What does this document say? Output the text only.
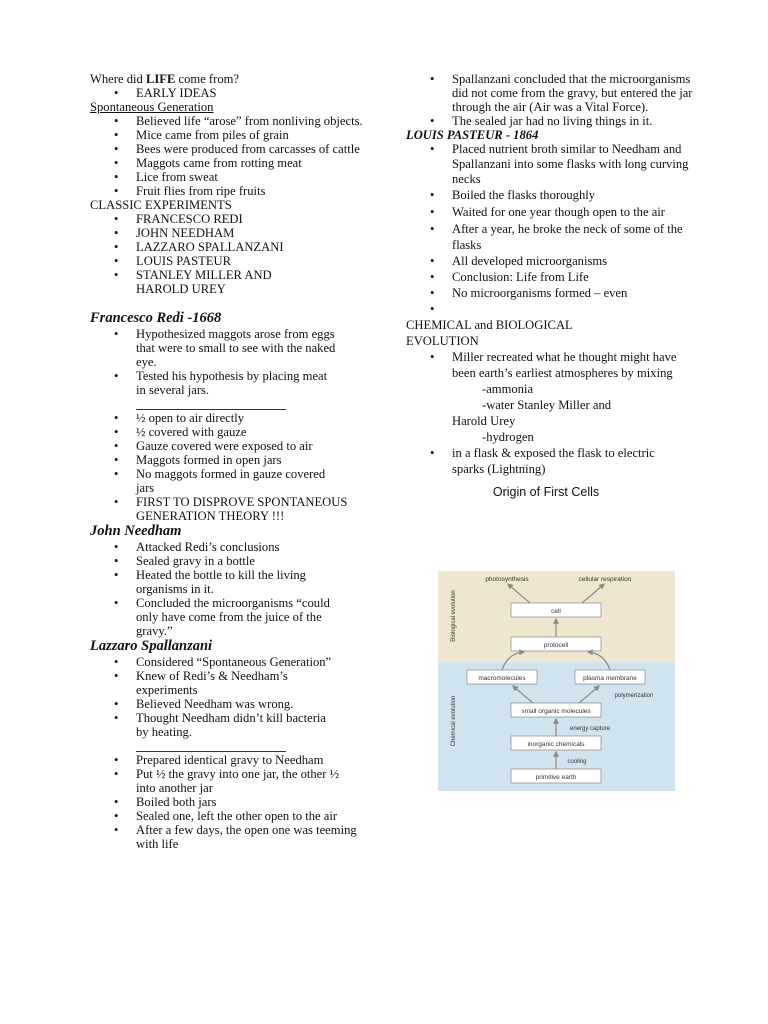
Where did LIFE come from?
• EARLY IDEAS
Spontaneous Generation
• Believed life “arose” from nonliving objects.
• Mice came from piles of grain
• Bees were produced from carcasses of cattle
• Maggots came from rotting meat
• Lice from sweat
• Fruit flies from ripe fruits
CLASSIC EXPERIMENTS
• FRANCESCO REDI
• JOHN NEEDHAM
• LAZZARO SPALLANZANI
• LOUIS PASTEUR
• STANLEY MILLER AND HAROLD UREY
Francesco Redi -1668
• Hypothesized maggots arose from eggs that were to small to see with the naked eye.
• Tested his hypothesis by placing meat in several jars.
• ½ open to air directly
• ½ covered with gauze
• Gauze covered were exposed to air
• Maggots formed in open jars
• No maggots formed in gauze covered jars
• FIRST TO DISPROVE SPONTANEOUS GENERATION THEORY !!!
John Needham
• Attacked Redi’s conclusions
• Sealed gravy in a bottle
• Heated the bottle to kill the living organisms in it.
• Concluded the microorganisms “could only have come from the juice of the gravy.”
Lazzaro Spallanzani
• Considered “Spontaneous Generation”
• Knew of Redi’s & Needham’s experiments
• Believed Needham was wrong.
• Thought Needham didn’t kill bacteria by heating.
• Prepared identical gravy to Needham
• Put ½ the gravy into one jar, the other ½ into another jar
• Boiled both jars
• Sealed one, left the other open to the air
• After a few days, the open one was teeming with life
• Spallanzani concluded that the microorganisms did not come from the gravy, but entered the jar through the air (Air was a Vital Force).
• The sealed jar had no living things in it.
LOUIS PASTEUR - 1864
• Placed nutrient broth similar to Needham and Spallanzani into some flasks with long curving necks
• Boiled the flasks thoroughly
• Waited for one year though open to the air
• After a year, he broke the neck of some of the flasks
• All developed microorganisms
• Conclusion: Life from Life
• No microorganisms formed – even
•
CHEMICAL and BIOLOGICAL EVOLUTION
• Miller recreated what he thought might have been earth’s earliest atmospheres by mixing
-ammonia
-water Stanley Miller and
Harold Urey
-hydrogen
• in a flask & exposed the flask to electric sparks (Lightning)
Origin of First Cells
Biological evolution
Chemical evolution
photosynthesis	cellular respiration
cell
protocell
macromolecules	plasma membrane
polymerization
small organic molecules
energy capture
inorganic chemicals
cooling
primitive earth
